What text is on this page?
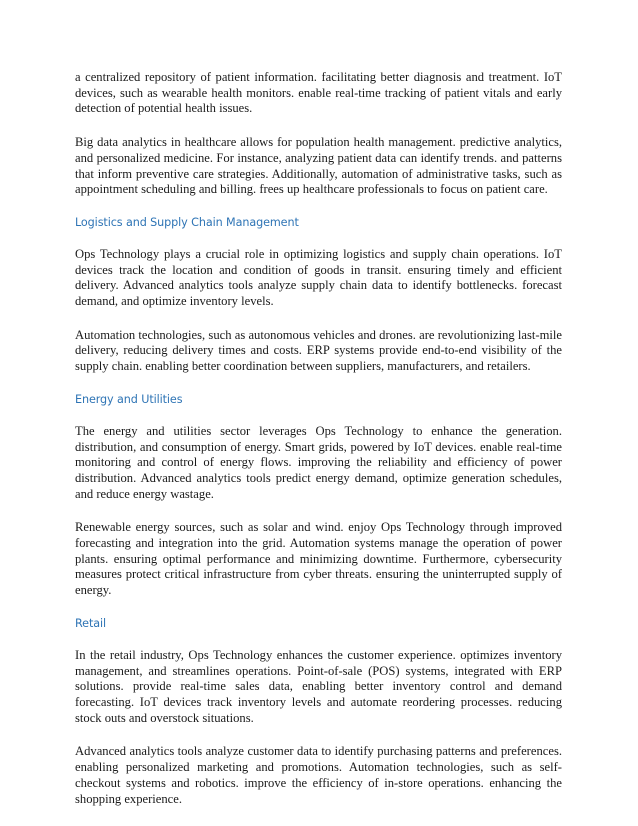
a centralized repository of patient information. facilitating better diagnosis and treatment. IoT devices, such as wearable health monitors. enable real-time tracking of patient vitals and early detection of potential health issues.

Big data analytics in healthcare allows for population health management. predictive analytics, and personalized medicine. For instance, analyzing patient data can identify trends. and patterns that inform preventive care strategies. Additionally, automation of administrative tasks, such as appointment scheduling and billing. frees up healthcare professionals to focus on patient care.

Logistics and Supply Chain Management

Ops Technology plays a crucial role in optimizing logistics and supply chain operations. IoT devices track the location and condition of goods in transit. ensuring timely and efficient delivery. Advanced analytics tools analyze supply chain data to identify bottlenecks. forecast demand, and optimize inventory levels.

Automation technologies, such as autonomous vehicles and drones. are revolutionizing last-mile delivery, reducing delivery times and costs. ERP systems provide end-to-end visibility of the supply chain. enabling better coordination between suppliers, manufacturers, and retailers.

Energy and Utilities

The energy and utilities sector leverages Ops Technology to enhance the generation. distribution, and consumption of energy. Smart grids, powered by IoT devices. enable real-time monitoring and control of energy flows. improving the reliability and efficiency of power distribution. Advanced analytics tools predict energy demand, optimize generation schedules, and reduce energy wastage.

Renewable energy sources, such as solar and wind. enjoy Ops Technology through improved forecasting and integration into the grid. Automation systems manage the operation of power plants. ensuring optimal performance and minimizing downtime. Furthermore, cybersecurity measures protect critical infrastructure from cyber threats. ensuring the uninterrupted supply of energy.

Retail

In the retail industry, Ops Technology enhances the customer experience. optimizes inventory management, and streamlines operations. Point-of-sale (POS) systems, integrated with ERP solutions. provide real-time sales data, enabling better inventory control and demand forecasting. IoT devices track inventory levels and automate reordering processes. reducing stock outs and overstock situations.

Advanced analytics tools analyze customer data to identify purchasing patterns and preferences. enabling personalized marketing and promotions. Automation technologies, such as self-checkout systems and robotics. improve the efficiency of in-store operations. enhancing the shopping experience.
